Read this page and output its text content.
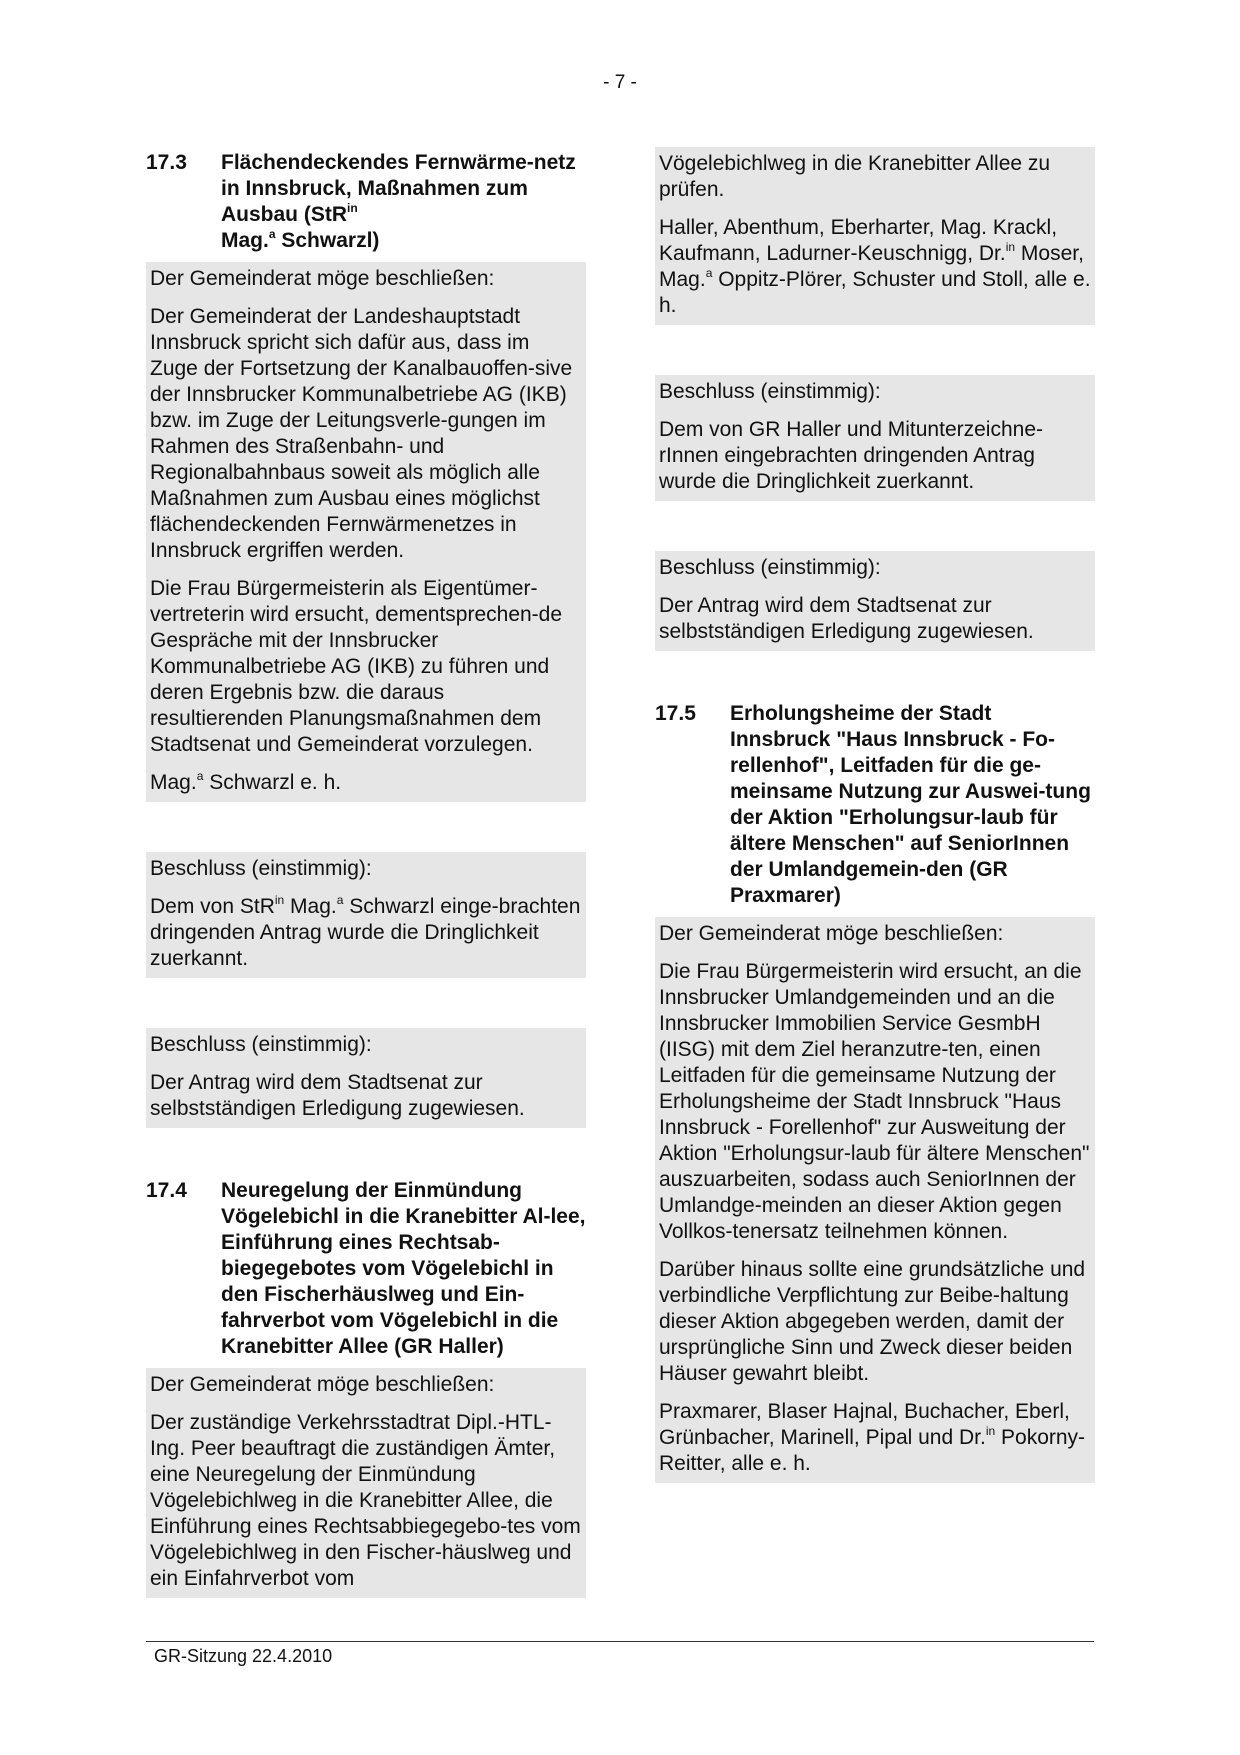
- 7 -
17.3	Flächendeckendes Fernwärme-netz in Innsbruck, Maßnahmen zum Ausbau (StR$^{in}$
Mag.$^a$ Schwarzl)

Der Gemeinderat möge beschließen:

Der Gemeinderat der Landeshauptstadt Innsbruck spricht sich dafür aus, dass im Zuge der Fortsetzung der Kanalbauoffen-sive der Innsbrucker Kommunalbetriebe AG (IKB) bzw. im Zuge der Leitungsverle-gungen im Rahmen des Straßenbahn- und Regionalbahnbaus soweit als möglich alle Maßnahmen zum Ausbau eines möglichst flächendeckenden Fernwärmenetzes in Innsbruck ergriffen werden.

Die Frau Bürgermeisterin als Eigentümer-vertreterin wird ersucht, dementsprechen-de Gespräche mit der Innsbrucker Kommunalbetriebe AG (IKB) zu führen und deren Ergebnis bzw. die daraus resultierenden Planungsmaßnahmen dem Stadtsenat und Gemeinderat vorzulegen.

Mag.$^a$ Schwarzl e. h.

Beschluss (einstimmig):

Dem von StR$^{in}$ Mag.$^a$ Schwarzl einge-brachten dringenden Antrag wurde die Dringlichkeit zuerkannt.

Beschluss (einstimmig):

Der Antrag wird dem Stadtsenat zur selbstständigen Erledigung zugewiesen.

17.4	Neuregelung der Einmündung Vögelebichl in die Kranebitter Al-lee, Einführung eines Rechtsab-biegegebotes vom Vögelebichl in den Fischerhäuslweg und Ein-fahrverbot vom Vögelebichl in die Kranebitter Allee (GR Haller)

Der Gemeinderat möge beschließen:

Der zuständige Verkehrsstadtrat Dipl.-HTL-Ing. Peer beauftragt die zuständigen Ämter, eine Neuregelung der Einmündung Vögelebichlweg in die Kranebitter Allee, die Einführung eines Rechtsabbiegegebo-tes vom Vögelebichlweg in den Fischer-häuslweg und ein Einfahrverbot vom

Vögelebichlweg in die Kranebitter Allee zu prüfen.

Haller, Abenthum, Eberharter, Mag. Krackl, Kaufmann, Ladurner-Keuschnigg, Dr.$^{in}$ Moser, Mag.$^a$ Oppitz-Plörer, Schuster und Stoll, alle e. h.

Beschluss (einstimmig):

Dem von GR Haller und Mitunterzeichne-rInnen eingebrachten dringenden Antrag wurde die Dringlichkeit zuerkannt.

Beschluss (einstimmig):

Der Antrag wird dem Stadtsenat zur selbstständigen Erledigung zugewiesen.

17.5	Erholungsheime der Stadt Innsbruck "Haus Innsbruck - Fo-rellenhof", Leitfaden für die ge-meinsame Nutzung zur Auswei-tung der Aktion "Erholungsur-laub für ältere Menschen" auf SeniorInnen der Umlandgemein-den (GR Praxmarer)

Der Gemeinderat möge beschließen:

Die Frau Bürgermeisterin wird ersucht, an die Innsbrucker Umlandgemeinden und an die Innsbrucker Immobilien Service GesmbH (IISG) mit dem Ziel heranzutre-ten, einen Leitfaden für die gemeinsame Nutzung der Erholungsheime der Stadt Innsbruck "Haus Innsbruck - Forellenhof" zur Ausweitung der Aktion "Erholungsur-laub für ältere Menschen" auszuarbeiten, sodass auch SeniorInnen der Umlandge-meinden an dieser Aktion gegen Vollkos-tenersatz teilnehmen können.

Darüber hinaus sollte eine grundsätzliche und verbindliche Verpflichtung zur Beibe-haltung dieser Aktion abgegeben werden, damit der ursprüngliche Sinn und Zweck dieser beiden Häuser gewahrt bleibt.

Praxmarer, Blaser Hajnal, Buchacher, Eberl, Grünbacher, Marinell, Pipal und Dr.$^{in}$ Pokorny-Reitter, alle e. h.

GR-Sitzung 22.4.2010
